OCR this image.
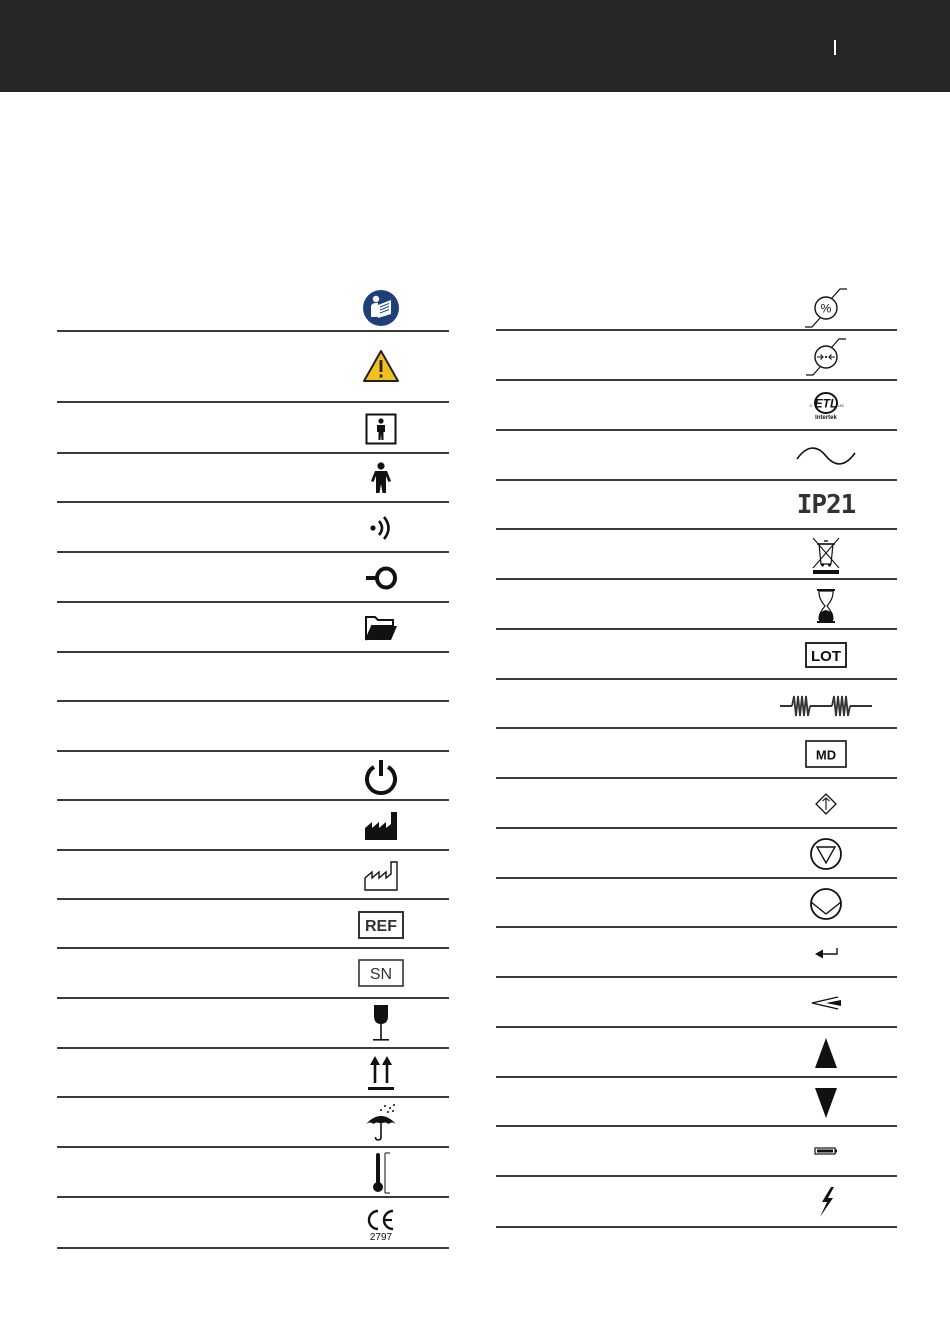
REF
SN
2797
%
ETL
C	US
Intertek
IP21
LOT
MD
